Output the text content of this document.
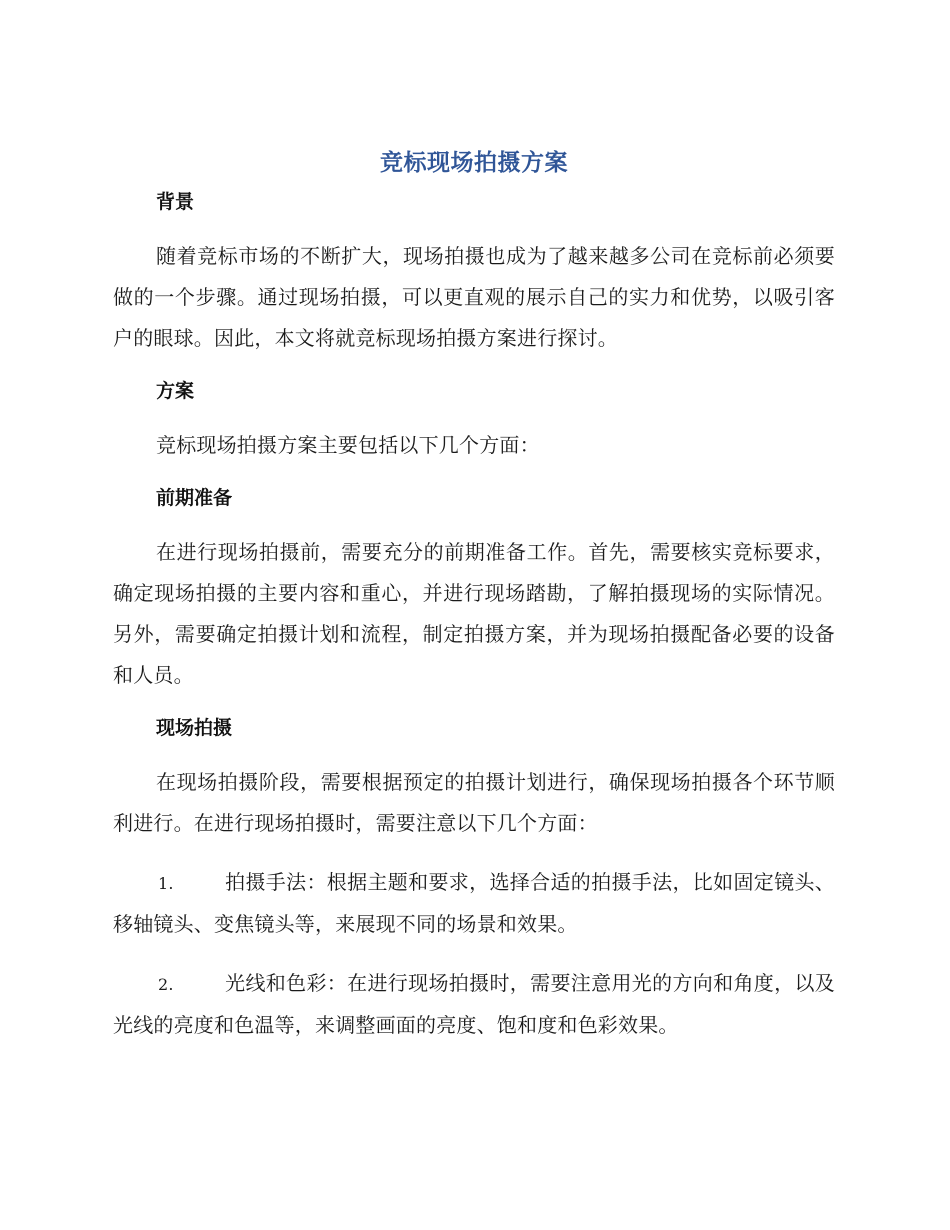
竞标现场拍摄方案
背景

随着竞标市场的不断扩大，现场拍摄也成为了越来越多公司在竞标前必须要做的一个步骤。通过现场拍摄，可以更直观的展示自己的实力和优势，以吸引客户的眼球。因此，本文将就竞标现场拍摄方案进行探讨。

方案

竞标现场拍摄方案主要包括以下几个方面：

前期准备

在进行现场拍摄前，需要充分的前期准备工作。首先，需要核实竞标要求，确定现场拍摄的主要内容和重心，并进行现场踏勘，了解拍摄现场的实际情况。另外，需要确定拍摄计划和流程，制定拍摄方案，并为现场拍摄配备必要的设备和人员。

现场拍摄

在现场拍摄阶段，需要根据预定的拍摄计划进行，确保现场拍摄各个环节顺利进行。在进行现场拍摄时，需要注意以下几个方面：

1.	拍摄手法：根据主题和要求，选择合适的拍摄手法，比如固定镜头、移轴镜头、变焦镜头等，来展现不同的场景和效果。

2.	光线和色彩：在进行现场拍摄时，需要注意用光的方向和角度，以及光线的亮度和色温等，来调整画面的亮度、饱和度和色彩效果。
